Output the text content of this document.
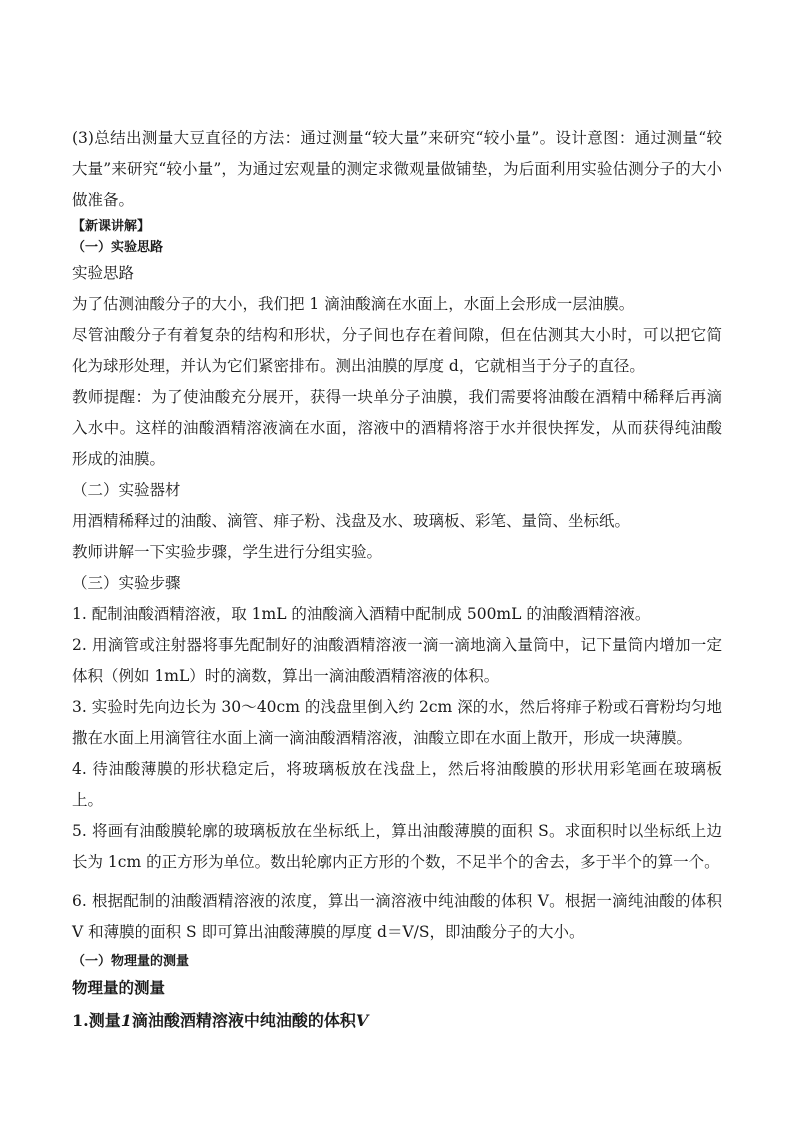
(3)总结出测量大豆直径的方法：通过测量“较大量”来研究“较小量”。设计意图：通过测量“较大量”来研究“较小量”，为通过宏观量的测定求微观量做铺垫，为后面利用实验估测分子的大小做准备。

【新课讲解】

（一）实验思路

实验思路

为了估测油酸分子的大小，我们把 1 滴油酸滴在水面上，水面上会形成一层油膜。

尽管油酸分子有着复杂的结构和形状，分子间也存在着间隙，但在估测其大小时，可以把它简化为球形处理，并认为它们紧密排布。测出油膜的厚度 d，它就相当于分子的直径。

教师提醒：为了使油酸充分展开，获得一块单分子油膜，我们需要将油酸在酒精中稀释后再滴入水中。这样的油酸酒精溶液滴在水面，溶液中的酒精将溶于水并很快挥发，从而获得纯油酸形成的油膜。

（二）实验器材

用酒精稀释过的油酸、滴管、痱子粉、浅盘及水、玻璃板、彩笔、量筒、坐标纸。

教师讲解一下实验步骤，学生进行分组实验。

（三）实验步骤

1. 配制油酸酒精溶液，取 1mL 的油酸滴入酒精中配制成 500mL 的油酸酒精溶液。

2. 用滴管或注射器将事先配制好的油酸酒精溶液一滴一滴地滴入量筒中，记下量筒内增加一定体积（例如 1mL）时的滴数，算出一滴油酸酒精溶液的体积。

3. 实验时先向边长为 30～40cm 的浅盘里倒入约 2cm 深的水，然后将痱子粉或石膏粉均匀地撒在水面上用滴管往水面上滴一滴油酸酒精溶液，油酸立即在水面上散开，形成一块薄膜。

4. 待油酸薄膜的形状稳定后，将玻璃板放在浅盘上，然后将油酸膜的形状用彩笔画在玻璃板上。

5. 将画有油酸膜轮廓的玻璃板放在坐标纸上，算出油酸薄膜的面积 S。求面积时以坐标纸上边长为 1cm 的正方形为单位。数出轮廓内正方形的个数，不足半个的舍去，多于半个的算一个。

6. 根据配制的油酸酒精溶液的浓度，算出一滴溶液中纯油酸的体积 V。根据一滴纯油酸的体积 V 和薄膜的面积 S 即可算出油酸薄膜的厚度 d＝V/S，即油酸分子的大小。

（一）物理量的测量

物理量的测量

1.测量1滴油酸酒精溶液中纯油酸的体积V
